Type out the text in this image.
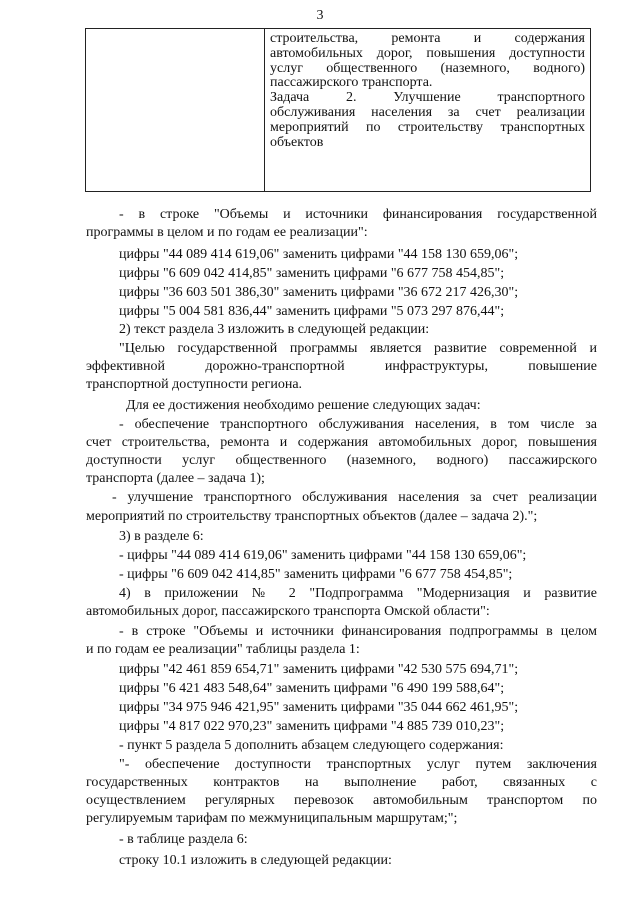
3
строительства, ремонта и содержания
автомобильных дорог, повышения доступности
услуг общественного (наземного, водного)
пассажирского транспорта.
Задача 2. Улучшение транспортного
обслуживания населения за счет реализации
мероприятий по строительству транспортных
объектов
- в строке "Объемы и источники финансирования государственной
программы в целом и по годам ее реализации":
цифры "44 089 414 619,06" заменить цифрами "44 158 130 659,06";
цифры "6 609 042 414,85" заменить цифрами "6 677 758 454,85";
цифры "36 603 501 386,30" заменить цифрами "36 672 217 426,30";
цифры "5 004 581 836,44" заменить цифрами "5 073 297 876,44";
2) текст раздела 3 изложить в следующей редакции:
"Целью государственной программы является развитие современной и
эффективной дорожно-транспортной инфраструктуры, повышение
транспортной доступности региона.
Для ее достижения необходимо решение следующих задач:
- обеспечение транспортного обслуживания населения, в том числе за
счет строительства, ремонта и содержания автомобильных дорог, повышения
доступности услуг общественного (наземного, водного) пассажирского
транспорта (далее – задача 1);
- улучшение транспортного обслуживания населения за счет реализации
мероприятий по строительству транспортных объектов (далее – задача 2).";
3) в разделе 6:
- цифры "44 089 414 619,06" заменить цифрами "44 158 130 659,06";
- цифры "6 609 042 414,85" заменить цифрами "6 677 758 454,85";
4) в приложении № 2 "Подпрограмма "Модернизация и развитие
автомобильных дорог, пассажирского транспорта Омской области":
- в строке "Объемы и источники финансирования подпрограммы в целом
и по годам ее реализации" таблицы раздела 1:
цифры "42 461 859 654,71" заменить цифрами "42 530 575 694,71";
цифры "6 421 483 548,64" заменить цифрами "6 490 199 588,64";
цифры "34 975 946 421,95" заменить цифрами "35 044 662 461,95";
цифры "4 817 022 970,23" заменить цифрами "4 885 739 010,23";
- пункт 5 раздела 5 дополнить абзацем следующего содержания:
"- обеспечение доступности транспортных услуг путем заключения
государственных контрактов на выполнение работ, связанных с
осуществлением регулярных перевозок автомобильным транспортом по
регулируемым тарифам по межмуниципальным маршрутам;";
- в таблице раздела 6:
строку 10.1 изложить в следующей редакции:
